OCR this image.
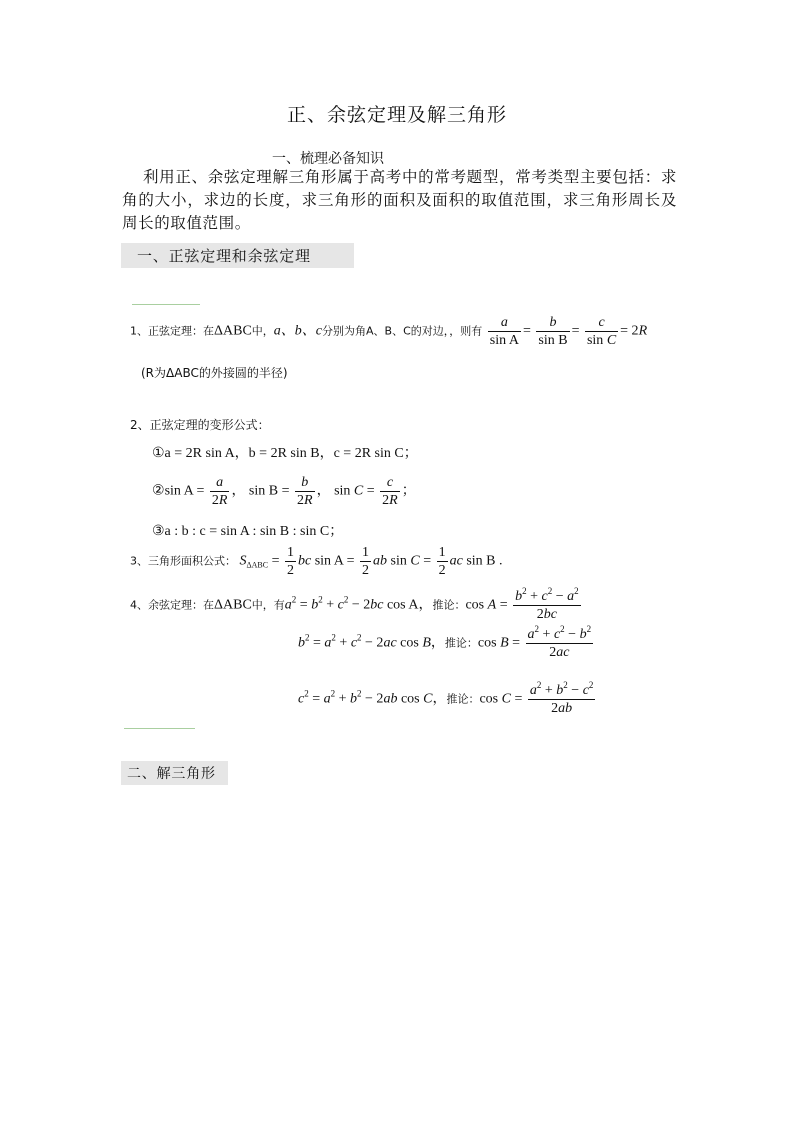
正、余弦定理及解三角形
一、梳理必备知识
利用正、余弦定理解三角形属于高考中的常考题型，常考类型主要包括：求角的大小，求边的长度，求三角形的面积及面积的取值范围，求三角形周长及周长的取值范围。
一、正弦定理和余弦定理
1、正弦定理：在ΔABC中，a、b、c分别为角A、B、C的对边，，则有 $\frac{a}{\text{sin A}} = \frac{b}{\text{sin B}} = \frac{c}{\text{sin C}} = 2R$
(R为ΔABC的外接圆的半径)
2、正弦定理的变形公式：
①a = 2R sin A，b = 2R sin B，c = 2R sin C；
②sin $A = \frac{a}{2R}$ ， $\sin B = \frac{b}{2R}$ ， $\sin C = \frac{c}{2R}$ ；
③a : b : c = sin A : sin B : sin C；
3、三角形面积公式： $S_{\Delta ABC} = \frac{1}{2}$ bc $\sin A = \frac{1}{2}$ ab $\sin C = \frac{1}{2}$ ac sin B .
4、余弦定理：在ΔABC中，有$a^2 = b^2 + c^2 - 2bc$ cos A，推论：$\cos A = \frac{b^2 + c^2 - a^2}{2bc}$
$b^2 = a^2 + c^2 - 2ac$ cos B，推论：$\cos B = \frac{a^2 + c^2 - b^2}{2ac}$
$c^2 = a^2 + b^2 - 2ab$ cos C，推论：$\cos C = \frac{a^2 + b^2 - c^2}{2ab}$
二、解三角形
